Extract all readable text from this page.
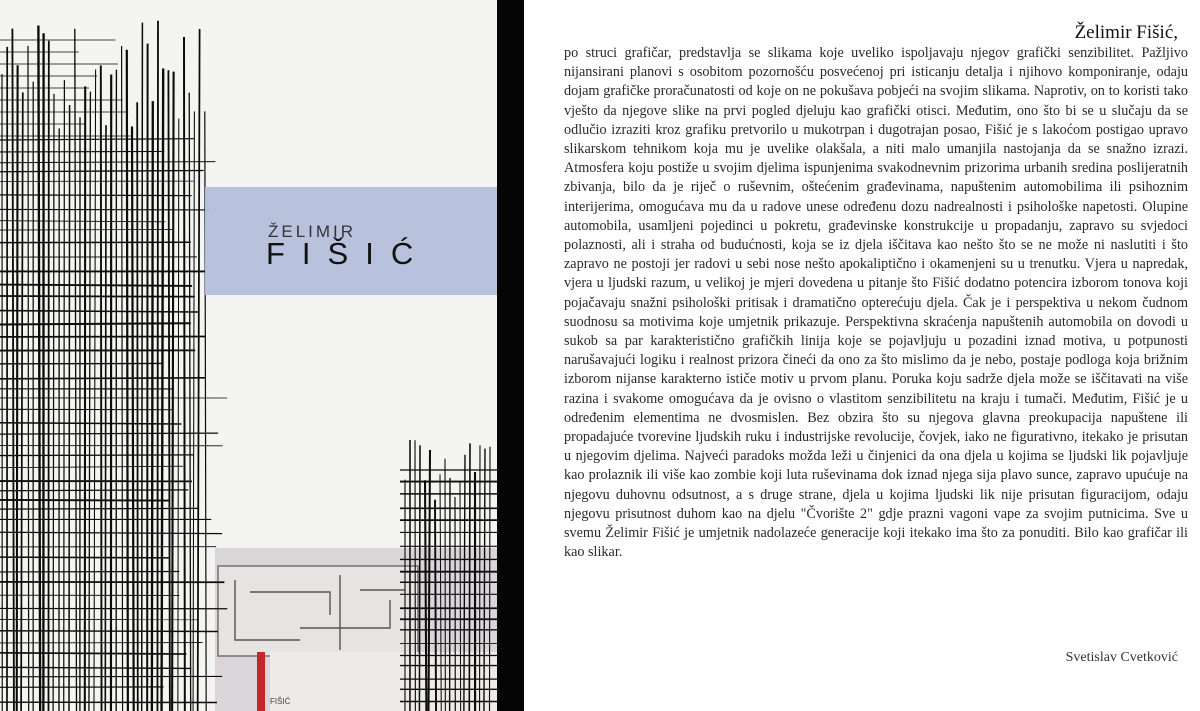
ŽELIMIR
FIŠIĆ
FIŠIĆ
Želimir Fišić,

po struci grafičar, predstavlja se slikama koje uveliko ispoljavaju njegov grafički senzibilitet. Pažljivo nijansirani planovi s osobitom pozornošću posvećenoj pri isticanju detalja i njihovo komponiranje, odaju dojam grafičke proračunatosti od koje on ne pokušava pobjeći na svojim slikama. Naprotiv, on to koristi tako vješto da njegove slike na prvi pogled djeluju kao grafički otisci. Međutim, ono što bi se u slučaju da se odlučio izraziti kroz grafiku pretvorilo u mukotrpan i dugotrajan posao, Fišić je s lakoćom postigao upravo slikarskom tehnikom koja mu je uvelike olakšala, a niti malo umanjila nastojanja da se snažno izrazi. Atmosfera koju postiže u svojim djelima ispunjenima svakodnevnim prizorima urbanih sredina poslijeratnih zbivanja, bilo da je riječ o ruševnim, oštećenim građevinama, napuštenim automobilima ili psihoznim interijerima, omogućava mu da u radove unese određenu dozu nadrealnosti i psihološke napetosti. Olupine automobila, usamljeni pojedinci u pokretu, građevinske konstrukcije u propadanju, zapravo su svjedoci polaznosti, ali i straha od budućnosti, koja se iz djela iščitava kao nešto što se ne može ni naslutiti i što zapravo ne postoji jer radovi u sebi nose nešto apokaliptično i okamenjeni su u trenutku. Vjera u napredak, vjera u ljudski razum, u velikoj je mjeri dovedena u pitanje što Fišić dodatno potencira izborom tonova koji pojačavaju snažni psihološki pritisak i dramatično opterećuju djela. Čak je i perspektiva u nekom čudnom suodnosu sa motivima koje umjetnik prikazuje. Perspektivna skraćenja napuštenih automobila on dovodi u sukob sa par karakteristično grafičkih linija koje se pojavljuju u pozadini iznad motiva, u potpunosti narušavajući logiku i realnost prizora čineći da ono za što mislimo da je nebo, postaje podloga koja brižnim izborom nijanse karakterno ističe motiv u prvom planu. Poruka koju sadrže djela može se iščitavati na više razina i svakome omogućava da je ovisno o vlastitom senzibilitetu na kraju i tumači. Međutim, Fišić je u određenim elementima ne dvosmislen. Bez obzira što su njegova glavna preokupacija napuštene ili propadajuće tvorevine ljudskih ruku i industrijske revolucije, čovjek, iako ne figurativno, itekako je prisutan u njegovim djelima. Najveći paradoks možda leži u činjenici da ona djela u kojima se ljudski lik pojavljuje kao prolaznik ili više kao zombie koji luta ruševinama dok iznad njega sija plavo sunce, zapravo upućuje na njegovu duhovnu odsutnost, a s druge strane, djela u kojima ljudski lik nije prisutan figuracijom, odaju njegovu prisutnost duhom kao na djelu "Čvorište 2" gdje prazni vagoni vape za svojim putnicima. Sve u svemu Želimir Fišić je umjetnik nadolazeće generacije koji itekako ima što za ponuditi. Bilo kao grafičar ili kao slikar.

Svetislav Cvetković
